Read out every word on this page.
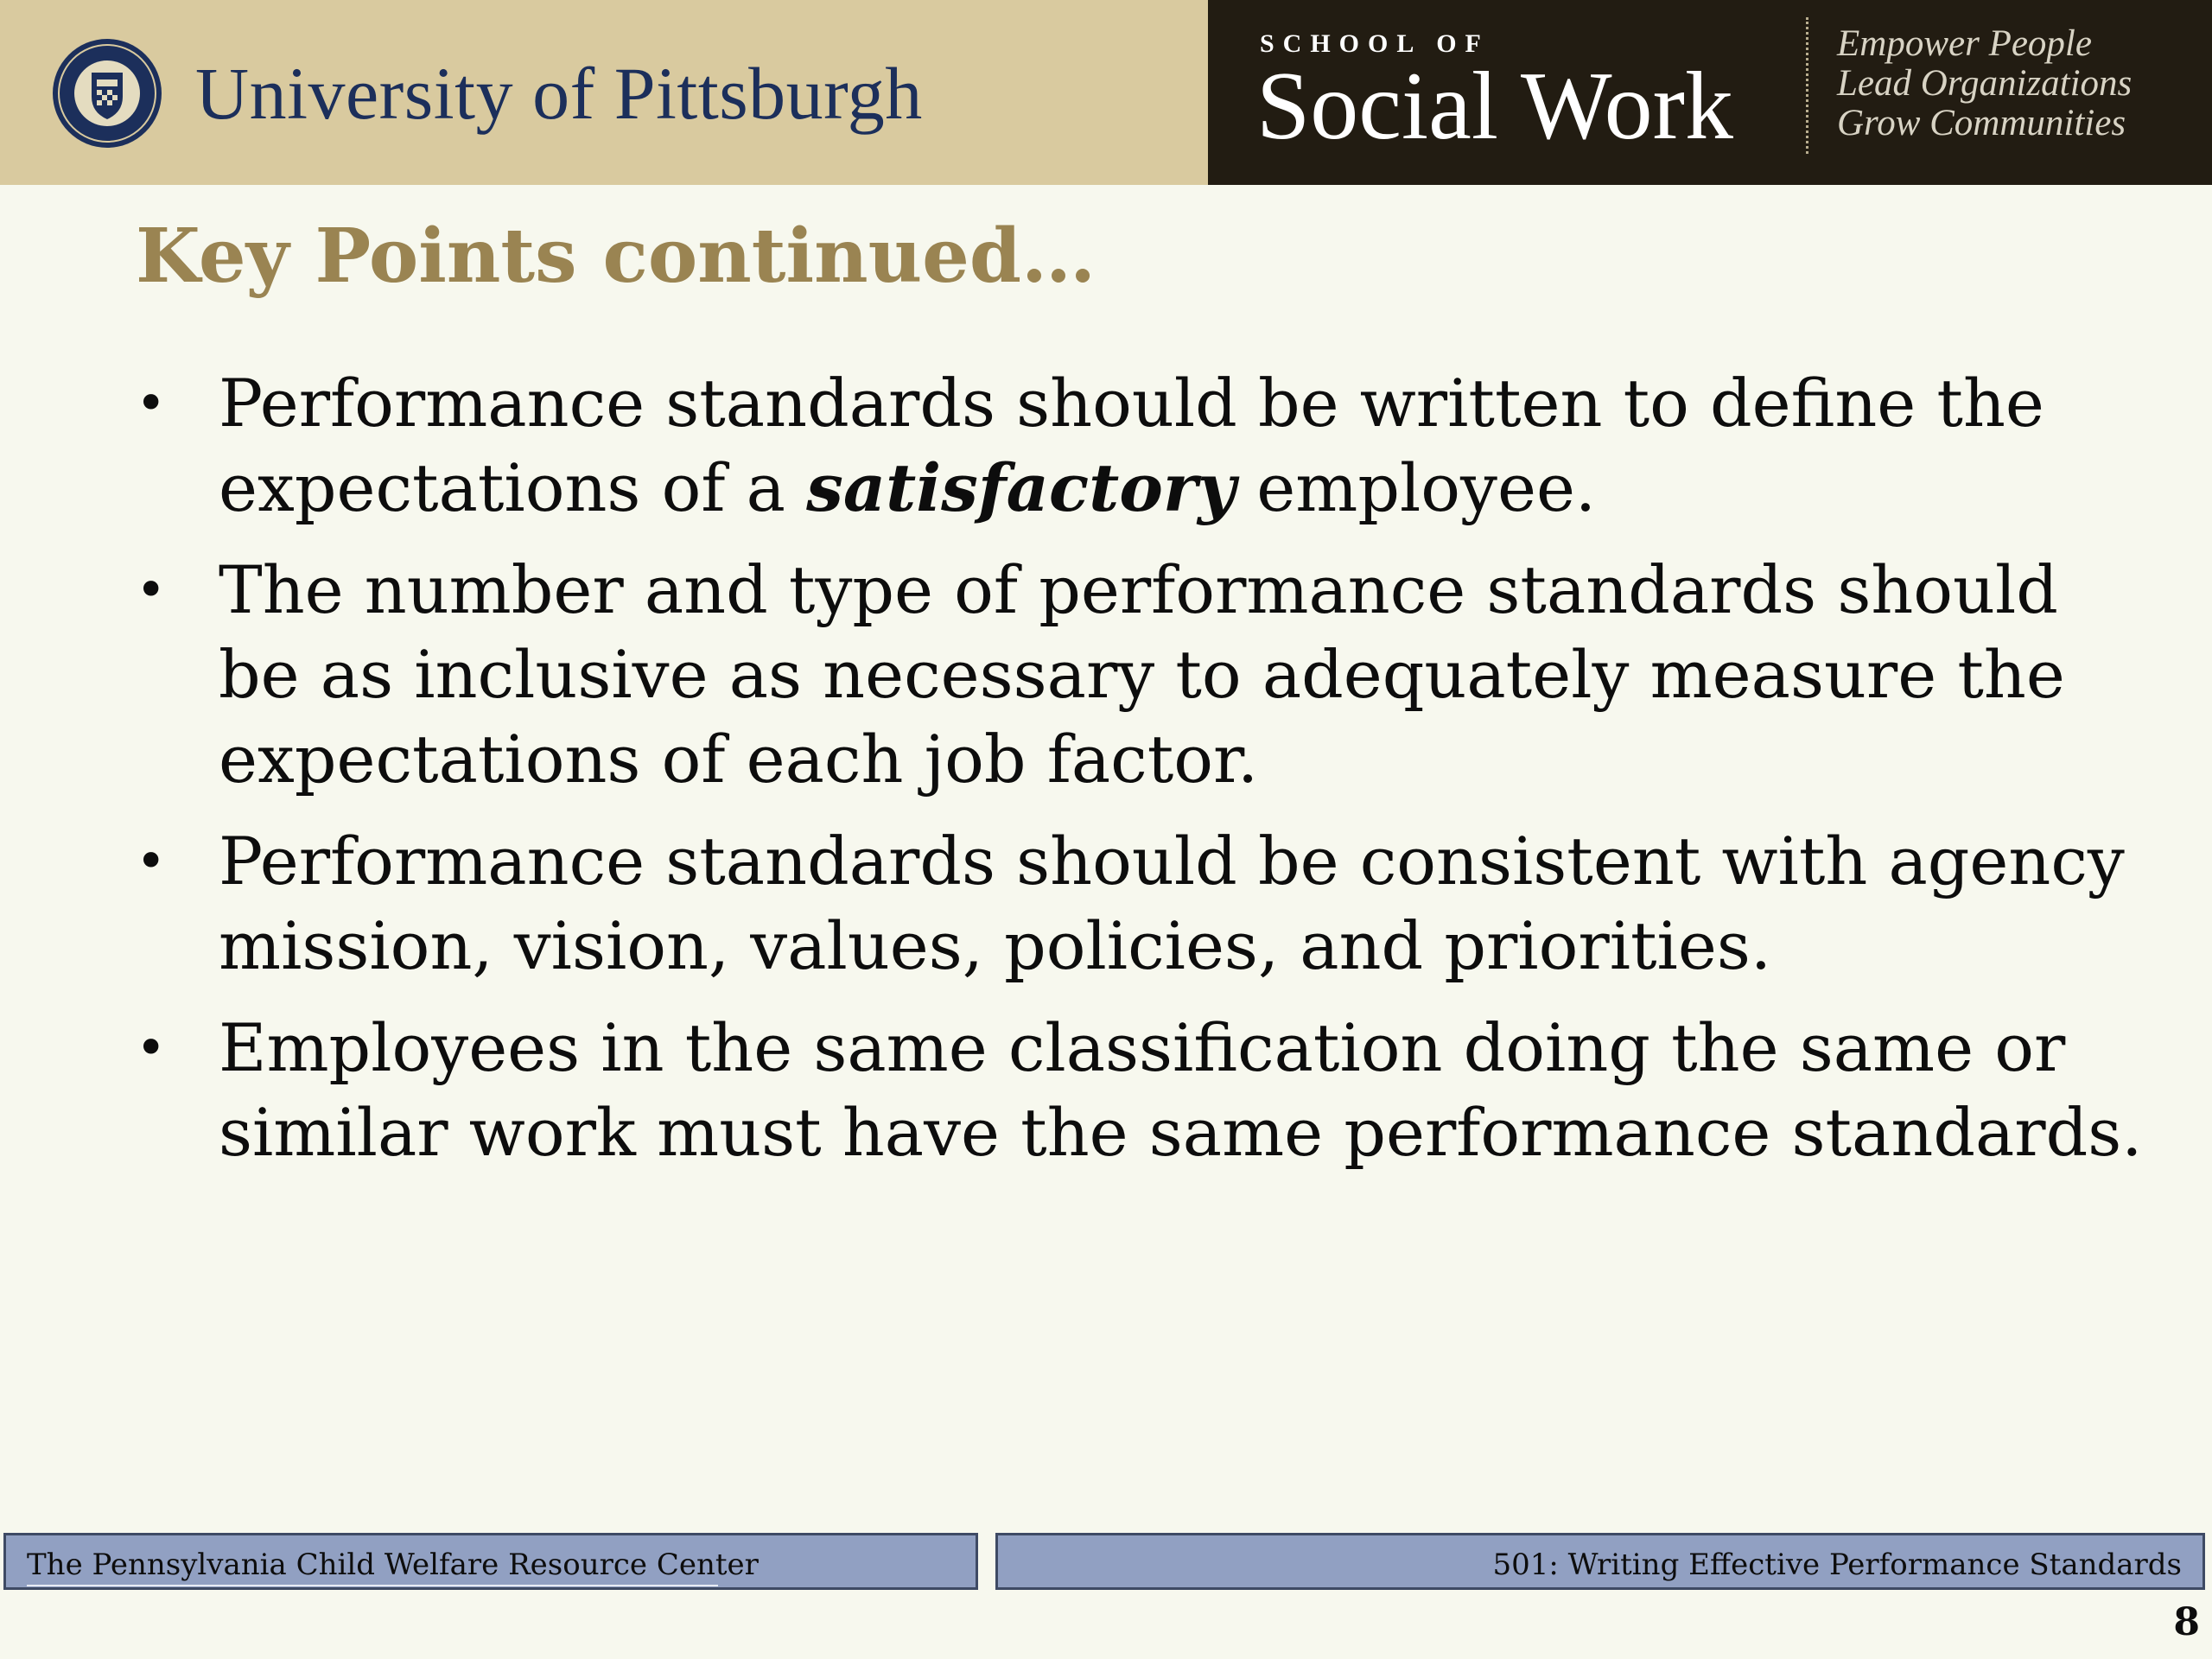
University of Pittsburgh
SCHOOL OF
Social Work
Empower People
Lead Organizations
Grow Communities
Key Points continued…
• Performance standards should be written to define the expectations of a satisfactory employee.
• The number and type of performance standards should be as inclusive as necessary to adequately measure the expectations of each job factor.
• Performance standards should be consistent with agency mission, vision, values, policies, and priorities.
• Employees in the same classification doing the same or similar work must have the same performance standards.
The Pennsylvania Child Welfare Resource Center	501: Writing Effective Performance Standards
8
